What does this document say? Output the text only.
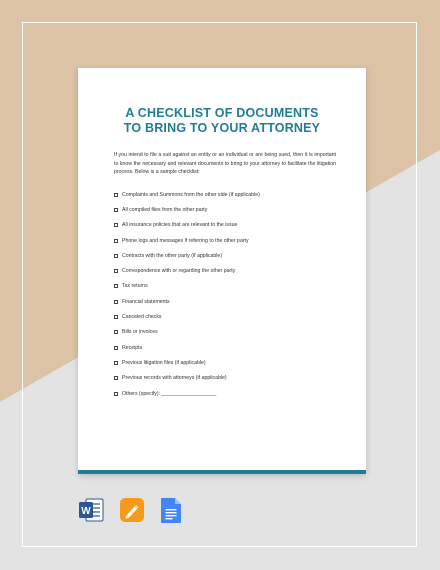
A CHECKLIST OF DOCUMENTS
TO BRING TO YOUR ATTORNEY

If you intend to file a suit against an entity or an individual or are being sued, then it is important to know the necessary and relevant documents to bring to your attorney to facilitate the litigation process. Below is a sample checklist:

Complaints and Summons from the other side (if applicable)
All compiled files from the other party
All insurance policies that are relevant to the issue
Phone logs and messages if referring to the other party
Contracts with the other party (if applicable)
Correspondence with or regarding the other party
Tax returns
Financial statements
Canceled checks
Bills or invoices
Receipts
Previous litigation files (if applicable)
Previous records with attorneys (if applicable)
Others (specify): ___________________
W
